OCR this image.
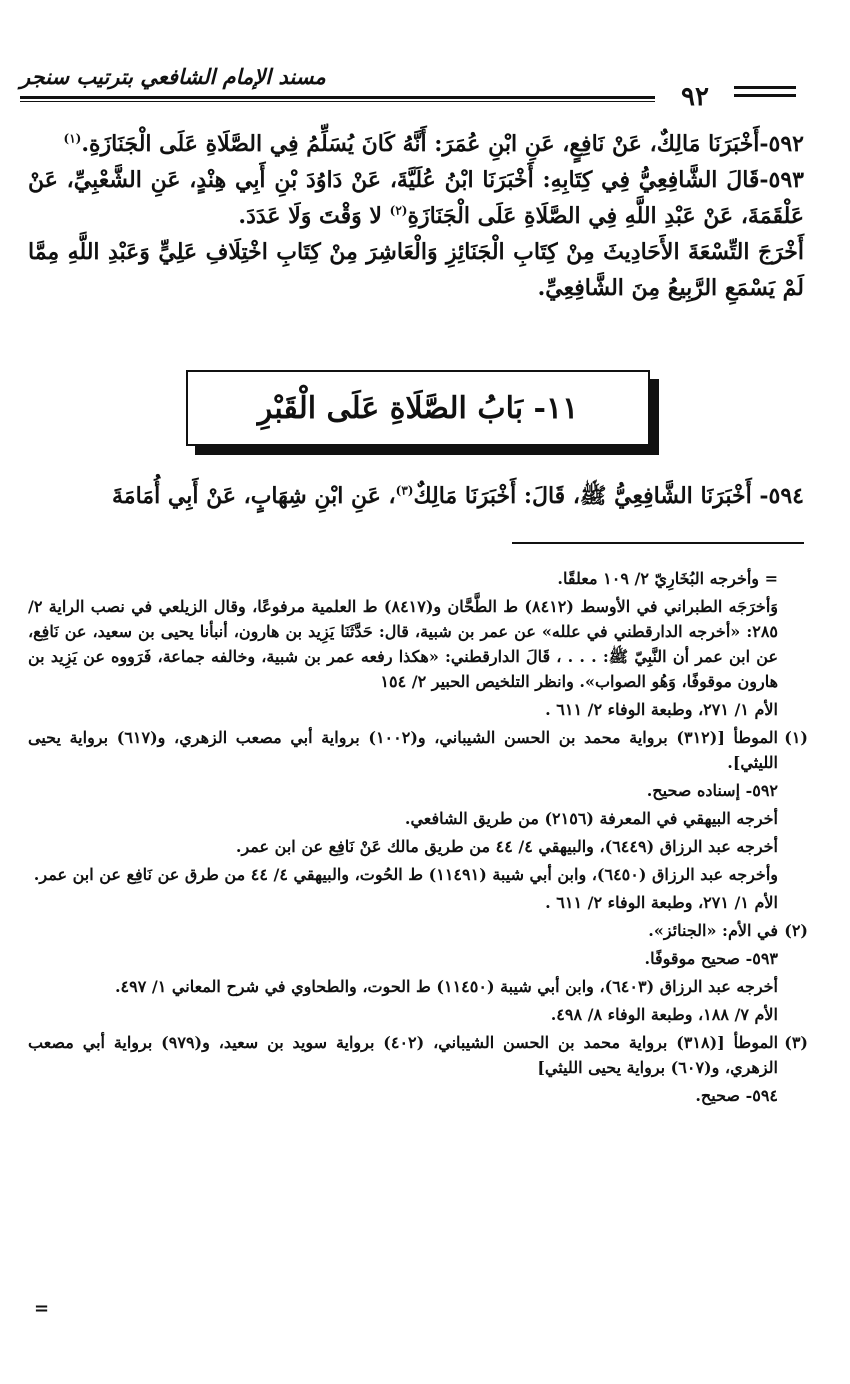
مسند الإمام الشافعي بترتيب سنجر
٩٢

٥٩٢-أَخْبَرَنَا مَالِكٌ، عَنْ نَافِعٍ، عَنِ ابْنِ عُمَرَ: أَنَّهُ كَانَ يُسَلِّمُ فِي الصَّلَاةِ عَلَى الْجَنَازَةِ.$^{(١)}$

٥٩٣-قَالَ الشَّافِعِيُّ فِي كِتَابِهِ: أَخْبَرَنَا ابْنُ عُلَيَّةَ، عَنْ دَاوُدَ بْنِ أَبِي هِنْدٍ، عَنِ الشَّعْبِيِّ، عَنْ عَلْقَمَةَ، عَنْ عَبْدِ اللَّهِ فِي الصَّلَاةِ عَلَى الْجَنَازَةِ$^{(٢)}$ لا وَقْتَ وَلَا عَدَدَ.

أَخْرَجَ التِّسْعَةَ الأَحَادِيثَ مِنْ كِتَابِ الْجَنَائِزِ وَالْعَاشِرَ مِنْ كِتَابِ اخْتِلَافِ عَلِيٍّ وَعَبْدِ اللَّهِ مِمَّا لَمْ يَسْمَعِ الرَّبِيعُ مِنَ الشَّافِعِيِّ.

١١- بَابُ الصَّلَاةِ عَلَى الْقَبْرِ
٥٩٤- أَخْبَرَنَا الشَّافِعِيُّ ﷺ، قَالَ: أَخْبَرَنَا مَالِكٌ$^{(٣)}$، عَنِ ابْنِ شِهَابٍ، عَنْ أَبِي أُمَامَةَ

= وأخرجه البُخَارِيّ ٢/ ١٠٩ معلقًا.

وَأخرَجَه الطبراني في الأوسط (٨٤١٢) ط الطَّحَّان و(٨٤١٧) ط العلمية مرفوعًا، وقال الزيلعي في نصب الراية ٢/ ٢٨٥: «أخرجه الدارقطني في علله» عن عمر بن شبية، قال: حَدَّثَنَا يَزِيد بن هارون، أنبأنا يحيى بن سعيد، عن نَافِع، عن ابن عمر أن النَّبِيّ ﷺ: . . . ، قَالَ الدارقطني: «هكذا رفعه عمر بن شبية، وخالفه جماعة، فَرَووه عن يَزِيد بن هارون موقوفًا، وَهُو الصواب». وانظر التلخيص الحبير ٢/ ١٥٤

الأم ١/ ٢٧١، وطبعة الوفاء ٢/ ٦١١ .

(١)

الموطأ [(٣١٢) برواية محمد بن الحسن الشيباني، و(١٠٠٢) برواية أبي مصعب الزهري، و(٦١٧) برواية يحيى الليثي].

٥٩٢- إسناده صحيح.

أخرجه البيهقي في المعرفة (٢١٥٦) من طريق الشافعي.

أخرجه عبد الرزاق (٦٤٤٩)، والبيهقي ٤/ ٤٤ من طريق مالك عَنْ نَافِع عن ابن عمر.

وأخرجه عبد الرزاق (٦٤٥٠)، وابن أبي شيبة (١١٤٩١) ط الحُوت، والبيهقي ٤/ ٤٤ من طرق عن نَافِع عن ابن عمر.

الأم ١/ ٢٧١، وطبعة الوفاء ٢/ ٦١١ .

(٢)

في الأم: «الجنائز».

٥٩٣- صحيح موقوفًا.

أخرجه عبد الرزاق (٦٤٠٣)، وابن أبي شيبة (١١٤٥٠) ط الحوت، والطحاوي في شرح المعاني ١/ ٤٩٧.

الأم ٧/ ١٨٨، وطبعة الوفاء ٨/ ٤٩٨.

(٣)

الموطأ [(٣١٨) برواية محمد بن الحسن الشيباني، (٤٠٢) برواية سويد بن سعيد، و(٩٧٩) برواية أبي مصعب الزهري، و(٦٠٧) برواية يحيى الليثي]

٥٩٤- صحيح.

=
